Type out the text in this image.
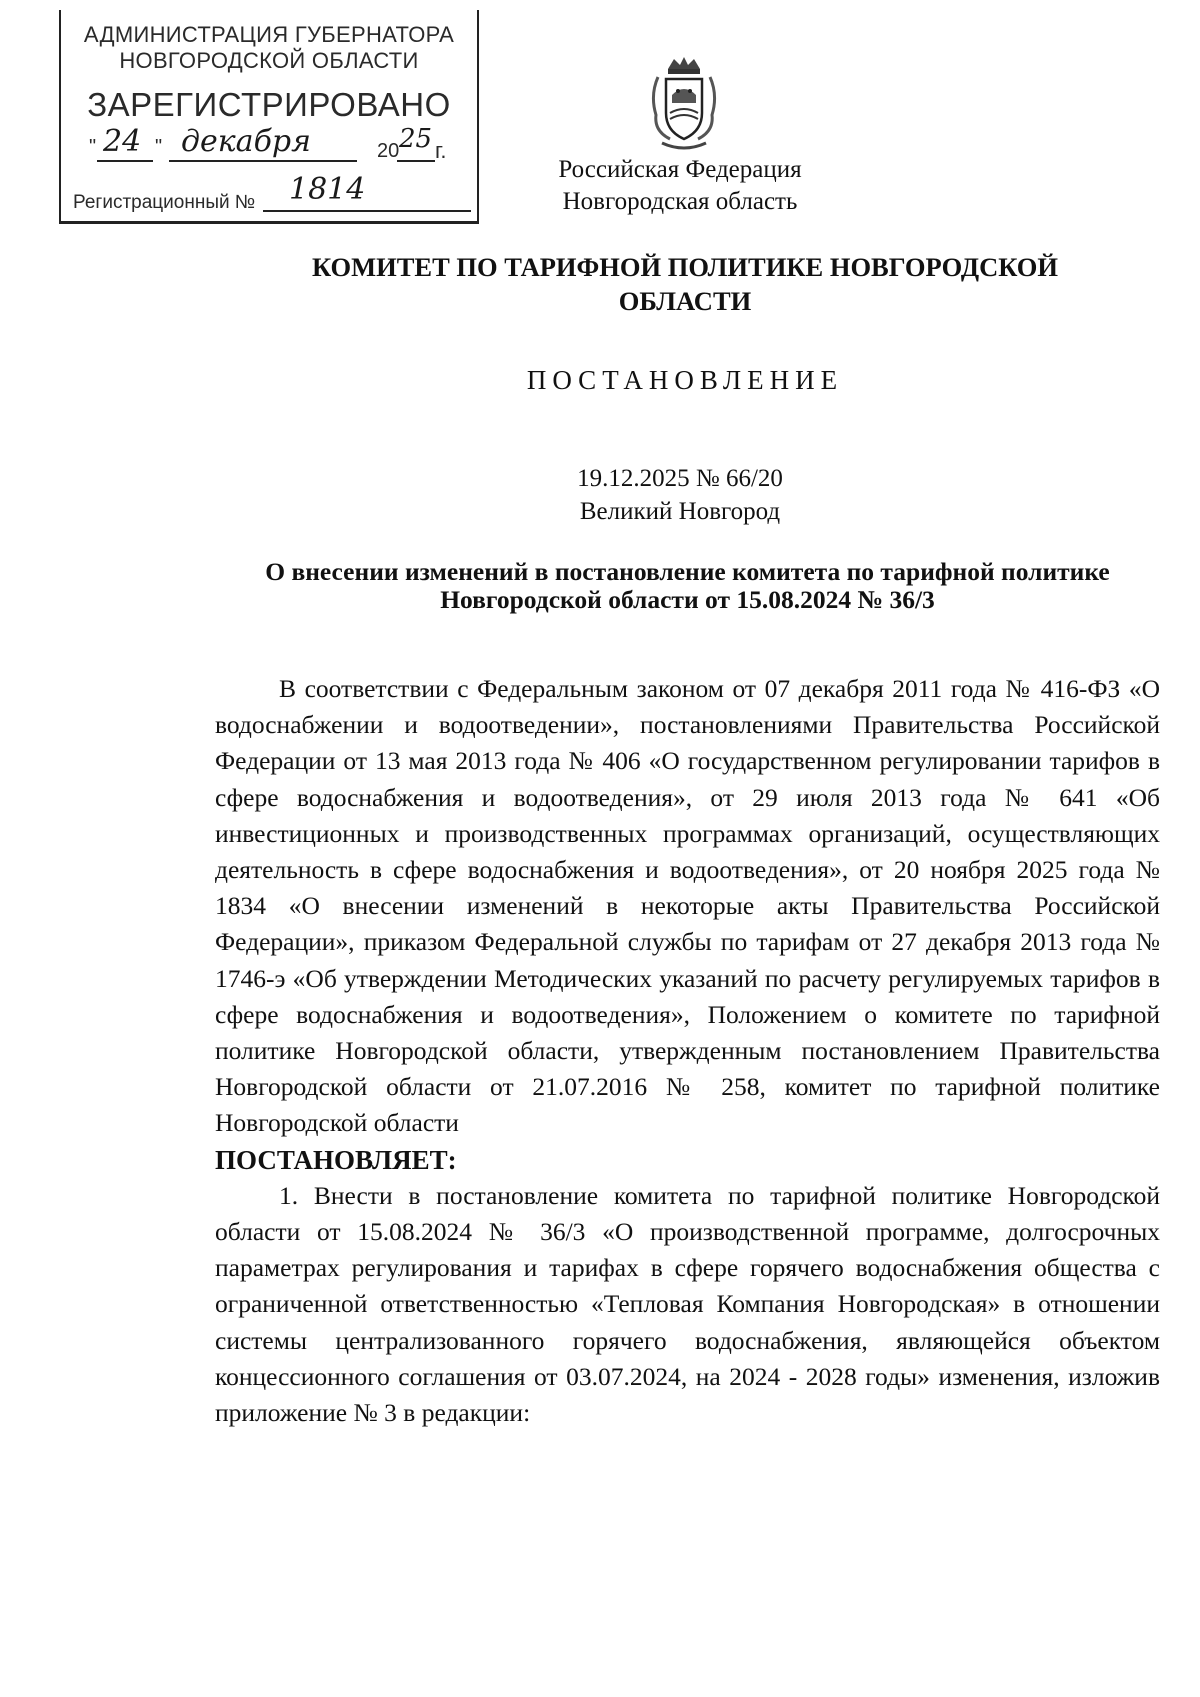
АДМИНИСТРАЦИЯ ГУБЕРНАТОРА
НОВГОРОДСКОЙ ОБЛАСТИ
ЗАРЕГИСТРИРОВАНО
" 24 " декабря	20 25 г.
Регистрационный № 1814
Российская Федерация
Новгородская область
КОМИТЕТ ПО ТАРИФНОЙ ПОЛИТИКЕ НОВГОРОДСКОЙ ОБЛАСТИ
ПОСТАНОВЛЕНИЕ
19.12.2025 № 66/20
Великий Новгород
О внесении изменений в постановление комитета по тарифной политике Новгородской области от 15.08.2024 № 36/3

В соответствии с Федеральным законом от 07 декабря 2011 года № 416-ФЗ «О водоснабжении и водоотведении», постановлениями Правительства Российской Федерации от 13 мая 2013 года № 406 «О государственном регулировании тарифов в сфере водоснабжения и водоотведения», от 29 июля 2013 года № 641 «Об инвестиционных и производственных программах организаций, осуществляющих деятельность в сфере водоснабжения и водоотведения», от 20 ноября 2025 года № 1834 «О внесении изменений в некоторые акты Правительства Российской Федерации», приказом Федеральной службы по тарифам от 27 декабря 2013 года № 1746-э «Об утверждении Методических указаний по расчету регулируемых тарифов в сфере водоснабжения и водоотведения», Положением о комитете по тарифной политике Новгородской области, утвержденным постановлением Правительства Новгородской области от 21.07.2016 № 258, комитет по тарифной политике Новгородской области

ПОСТАНОВЛЯЕТ:

1. Внести в постановление комитета по тарифной политике Новгородской области от 15.08.2024 № 36/3 «О производственной программе, долгосрочных параметрах регулирования и тарифах в сфере горячего водоснабжения общества с ограниченной ответственностью «Тепловая Компания Новгородская» в отношении системы централизованного горячего водоснабжения, являющейся объектом концессионного соглашения от 03.07.2024, на 2024 - 2028 годы» изменения, изложив приложение № 3 в редакции:
